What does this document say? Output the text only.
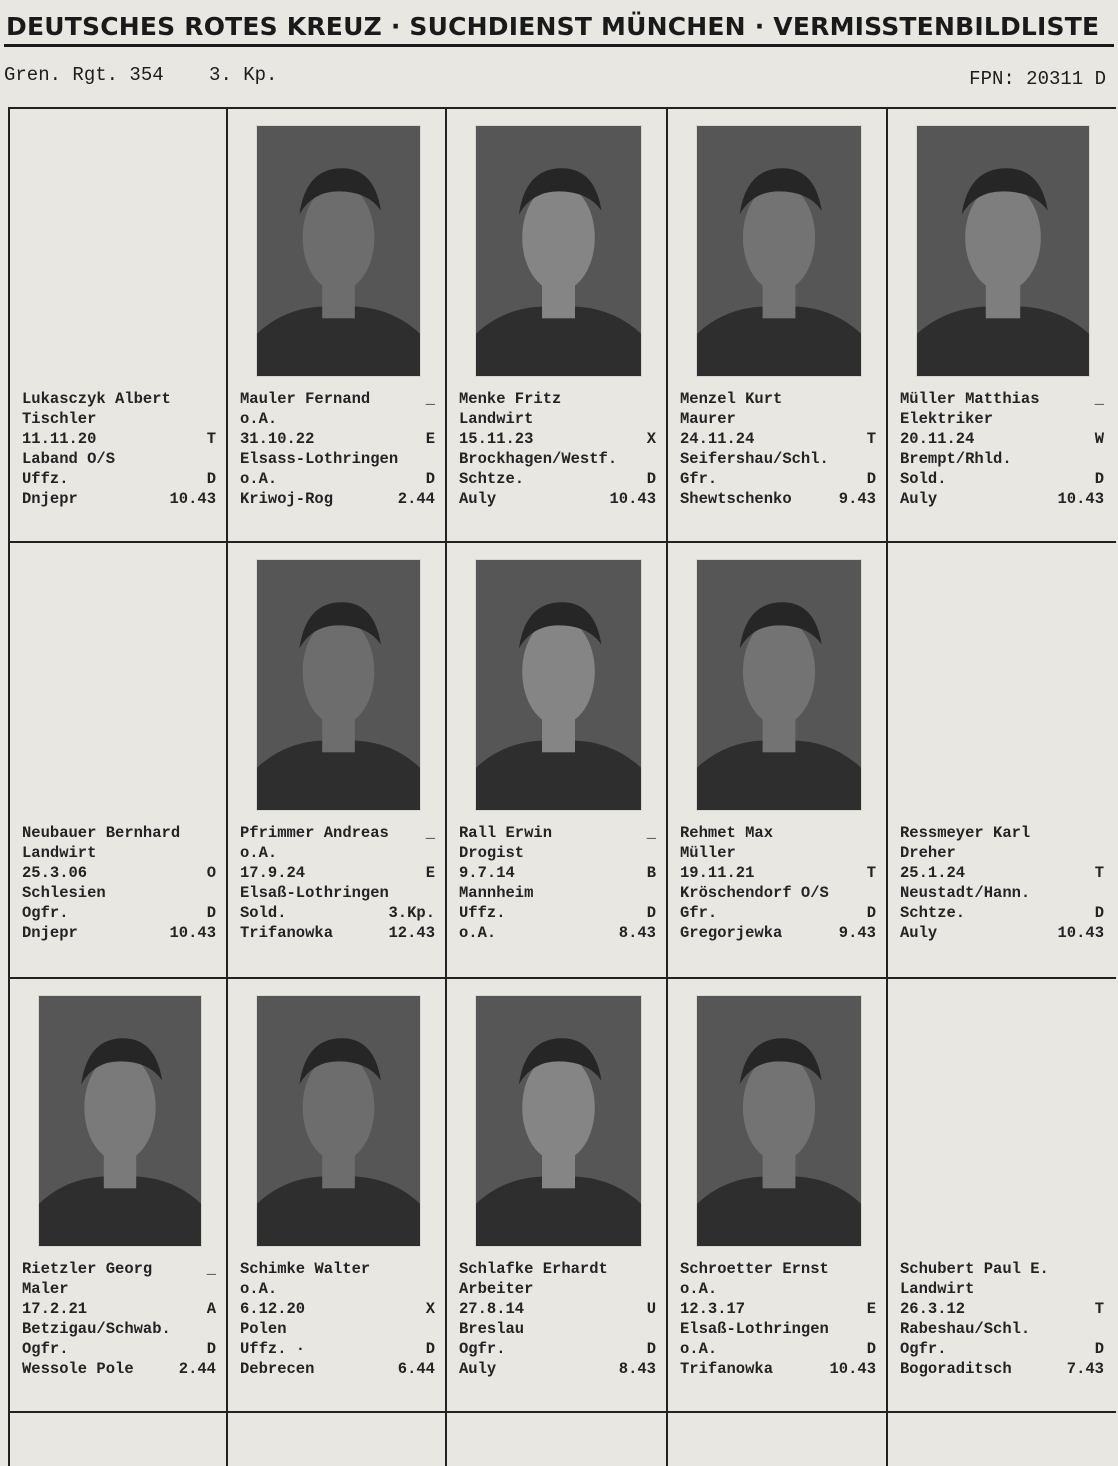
DEUTSCHES ROTES KREUZ · SUCHDIENST MÜNCHEN · VERMISSTENBILDLISTE
Gren. Rgt. 354 3. Kp.	FPN: 20311 D
Lukasczyk Albert
Tischler
11.11.20	T
Laband O/S
Uffz.	D
Dnjepr	10.43
Mauler Fernand	_
o.A.
31.10.22	E
Elsass-Lothringen
o.A.	D
Kriwoj-Rog	2.44
Menke Fritz
Landwirt
15.11.23	X
Brockhagen/Westf.
Schtze.	D
Auly	10.43
Menzel Kurt
Maurer
24.11.24	T
Seifershau/Schl.
Gfr.	D
Shewtschenko	9.43
Müller Matthias	_
Elektriker
20.11.24	W
Brempt/Rhld.
Sold.	D
Auly	10.43
Neubauer Bernhard
Landwirt
25.3.06	O
Schlesien
Ogfr.	D
Dnjepr	10.43
Pfrimmer Andreas _
o.A.
17.9.24	E
Elsaß-Lothringen
Sold.	3.Kp.
Trifanowka	12.43
Rall Erwin	_
Drogist
9.7.14	B
Mannheim
Uffz.	D
o.A.	8.43
Rehmet Max
Müller
19.11.21	T
Kröschendorf O/S
Gfr.	D
Gregorjewka	9.43
Ressmeyer Karl
Dreher
25.1.24	T
Neustadt/Hann.
Schtze.	D
Auly	10.43
Rietzler Georg	_
Maler
17.2.21	A
Betzigau/Schwab.
Ogfr.	D
Wessole Pole	2.44
Schimke Walter
o.A.
6.12.20	X
Polen
Uffz. ·	D
Debrecen	6.44
Schlafke Erhardt
Arbeiter
27.8.14	U
Breslau
Ogfr.	D
Auly	8.43
Schroetter Ernst
o.A.
12.3.17	E
Elsaß-Lothringen
o.A.	D
Trifanowka	10.43
Schubert Paul E.
Landwirt
26.3.12	T
Rabeshau/Schl.
Ogfr.	D
Bogoraditsch	7.43
